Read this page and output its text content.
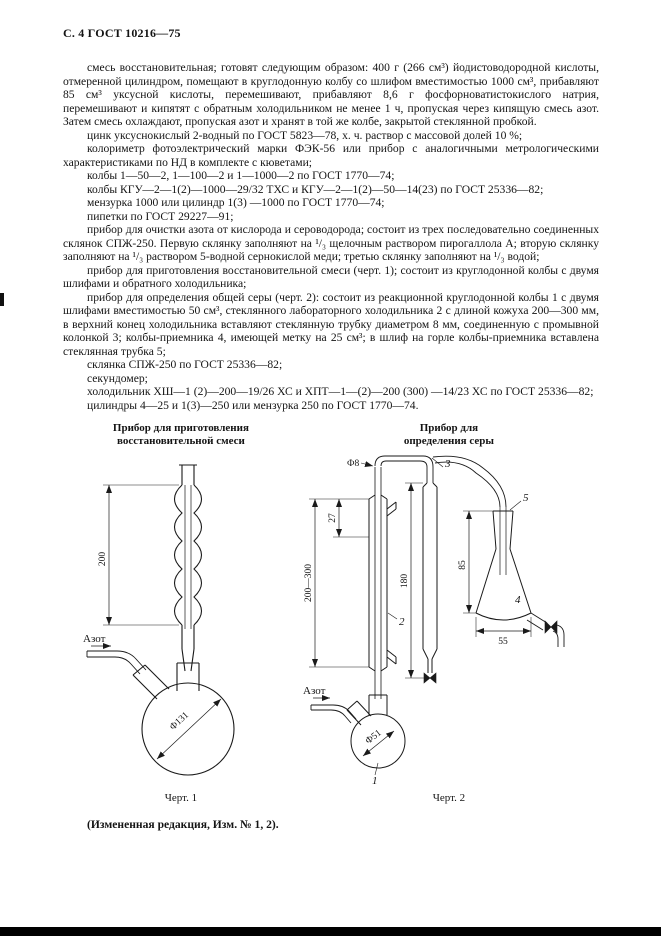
С. 4 ГОСТ 10216—75

смесь восстановительная; готовят следующим образом: 400 г (266 см³) йодистоводородной кислоты, отмеренной цилиндром, помещают в круглодонную колбу со шлифом вместимостью 1000 см³, прибавляют 85 см³ уксусной кислоты, перемешивают, прибавляют 8,6 г фосфорноватистокислого натрия, перемешивают и кипятят с обратным холодильником не менее 1 ч, пропуская через кипящую смесь азот. Затем смесь охлаждают, пропуская азот и хранят в той же колбе, закрытой стеклянной пробкой.

цинк уксуснокислый 2-водный по ГОСТ 5823—78, х. ч. раствор с массовой долей 10 %;

колориметр фотоэлектрический марки ФЭК-56 или прибор с аналогичными метрологическими характеристиками по НД в комплекте с кюветами;

колбы 1—50—2, 1—100—2 и 1—1000—2 по ГОСТ 1770—74;

колбы КГУ—2—1(2)—1000—29/32 ТХС и КГУ—2—1(2)—50—14(23) по ГОСТ 25336—82;

мензурка 1000 или цилиндр 1(3) —1000 по ГОСТ 1770—74;

пипетки по ГОСТ 29227—91;

прибор для очистки азота от кислорода и сероводорода; состоит из трех последовательно соединенных склянок СПЖ-250. Первую склянку заполняют на ¹/₃ щелочным раствором пирогаллола А; вторую склянку заполняют на ¹/₃ раствором 5-водной сернокислой меди; третью склянку заполняют на ¹/₃ водой;

прибор для приготовления восстановительной смеси (черт. 1); состоит из круглодонной колбы с двумя шлифами и обратного холодильника;

прибор для определения общей серы (черт. 2): состоит из реакционной круглодонной колбы 1 с двумя шлифами вместимостью 50 см³, стеклянного лабораторного холодильника 2 с длиной кожуха 200—300 мм, в верхний конец холодильника вставляют стеклянную трубку диаметром 8 мм, соединенную с промывной колонкой 3; колбы-приемника 4, имеющей метку на 25 см³; в шлиф на горле колбы-приемника вставлена стеклянная трубка 5;

склянка СПЖ-250 по ГОСТ 25336—82;

секундомер;

холодильник ХШ—1 (2)—200—19/26 ХС и ХПТ—1—(2)—200 (300) —14/23 ХС по ГОСТ 25336—82;

цилиндры 4—25 и 1(3)—250 или мензурка 250 по ГОСТ 1770—74.

Прибор для приготовления
восстановительной смеси
Азот
200
Ф131
Черт. 1
Прибор для
определения серы
Ф8
Азот
200—300
27
180
85
55
Ф51
1
2
3
4
5
Черт. 2
(Измененная редакция, Изм. № 1, 2).
